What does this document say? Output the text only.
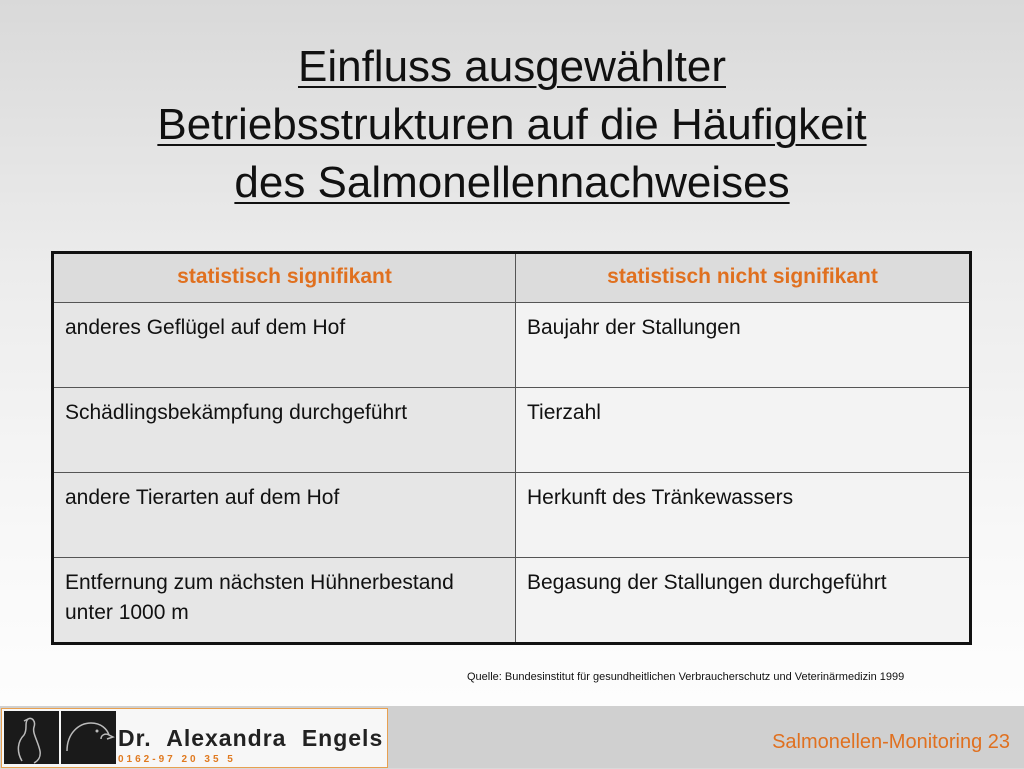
Einfluss ausgewählter
Betriebsstrukturen auf die Häufigkeit
des Salmonellennachweises
statistisch signifikant	statistisch nicht signifikant
anderes Geflügel auf dem Hof	Baujahr der Stallungen
Schädlingsbekämpfung durchgeführt	Tierzahl
andere Tierarten auf dem Hof	Herkunft des Tränkewassers
Entfernung zum nächsten Hühnerbestand unter 1000 m	Begasung der Stallungen durchgeführt
Quelle: Bundesinstitut für gesundheitlichen Verbraucherschutz und Veterinärmedizin 1999
Dr. Alexandra Engels
0162-97 20 35 5
Salmonellen-Monitoring 23
